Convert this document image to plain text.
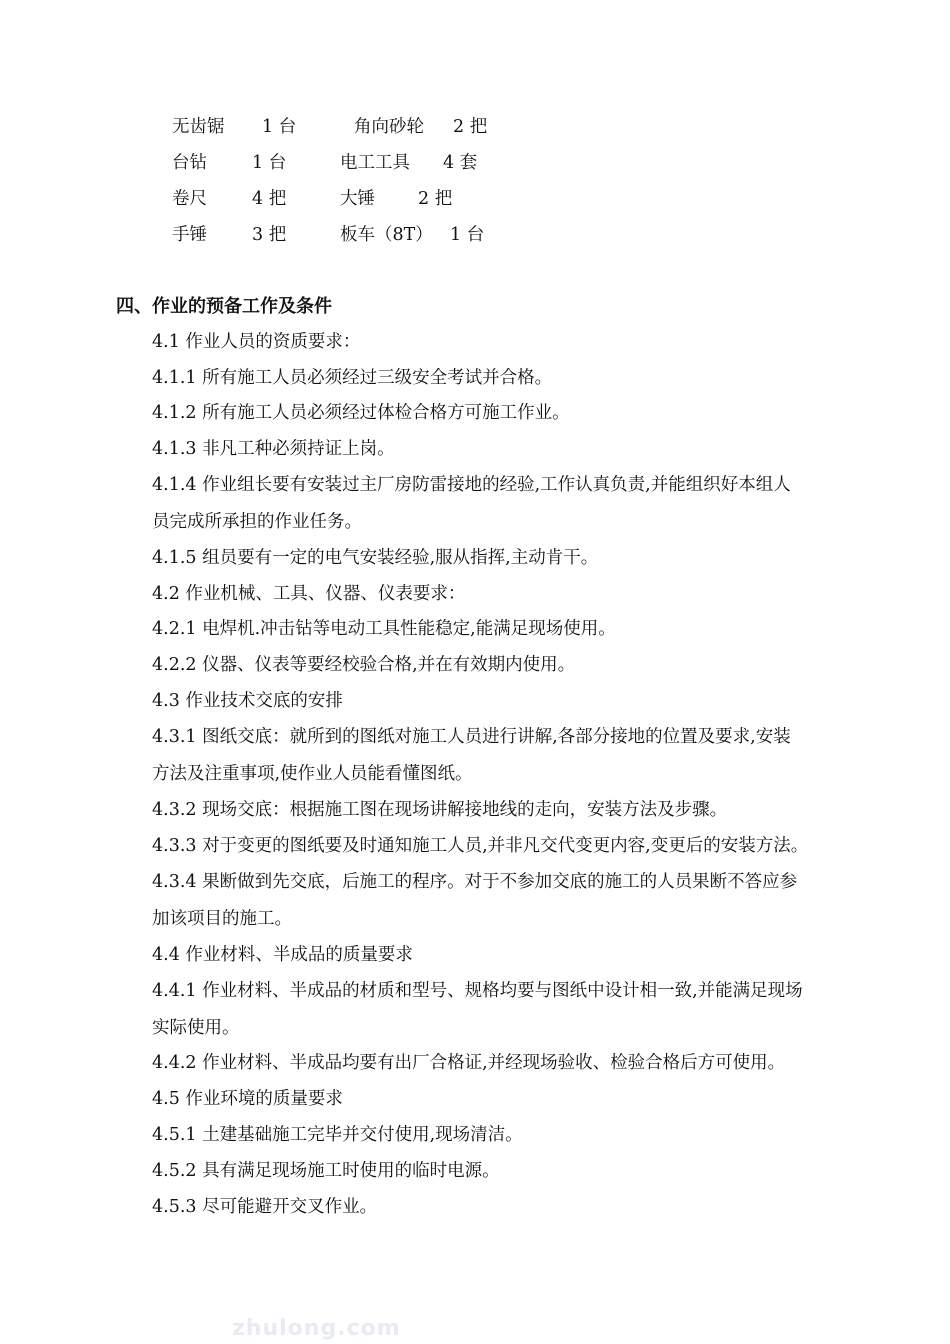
无齿锯 1 台	角向砂轮 2 把
台钻	1 台	电工工具 4 套
卷尺	4 把	大锤 2 把
手锤	3 把	板车（8T） 1 台
四、作业的预备工作及条件
4.1 作业人员的资质要求：
4.1.1 所有施工人员必须经过三级安全考试并合格。
4.1.2 所有施工人员必须经过体检合格方可施工作业。
4.1.3 非凡工种必须持证上岗。
4.1.4 作业组长要有安装过主厂房防雷接地的经验,工作认真负责,并能组织好本组人
员完成所承担的作业任务。
4.1.5 组员要有一定的电气安装经验,服从指挥,主动肯干。
4.2 作业机械、工具、仪器、仪表要求：
4.2.1 电焊机.冲击钻等电动工具性能稳定,能满足现场使用。
4.2.2 仪器、仪表等要经校验合格,并在有效期内使用。
4.3 作业技术交底的安排
4.3.1 图纸交底：就所到的图纸对施工人员进行讲解,各部分接地的位置及要求,安装
方法及注重事项,使作业人员能看懂图纸。
4.3.2 现场交底：根据施工图在现场讲解接地线的走向，安装方法及步骤。
4.3.3 对于变更的图纸要及时通知施工人员,并非凡交代变更内容,变更后的安装方法。
4.3.4 果断做到先交底，后施工的程序。对于不参加交底的施工的人员果断不答应参
加该项目的施工。
4.4 作业材料、半成品的质量要求
4.4.1 作业材料、半成品的材质和型号、规格均要与图纸中设计相一致,并能满足现场
实际使用。
4.4.2 作业材料、半成品均要有出厂合格证,并经现场验收、检验合格后方可使用。
4.5 作业环境的质量要求
4.5.1 土建基础施工完毕并交付使用,现场清洁。
4.5.2 具有满足现场施工时使用的临时电源。
4.5.3 尽可能避开交叉作业。
zhulong.com
